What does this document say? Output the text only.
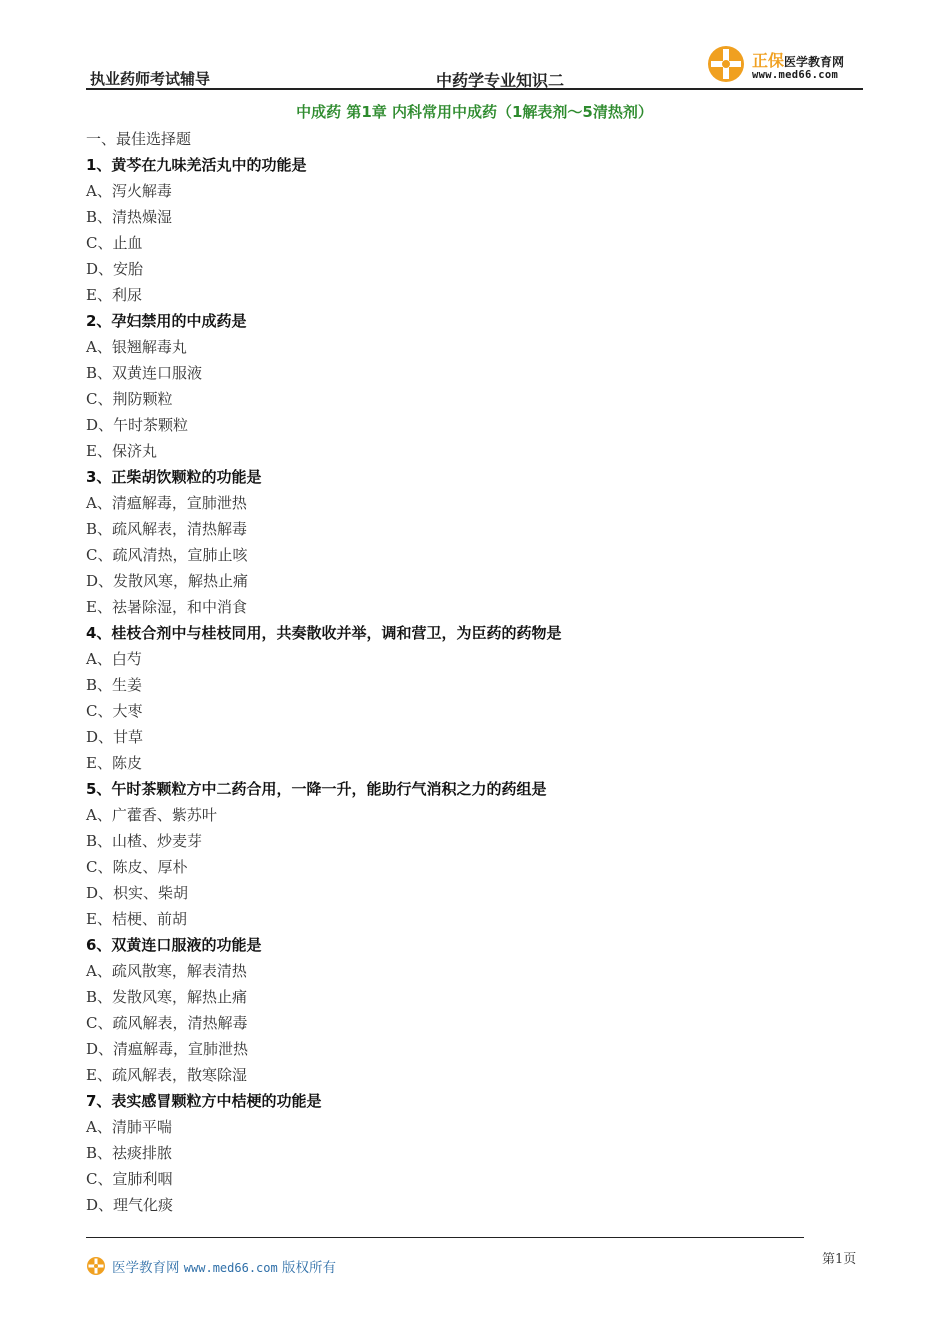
执业药师考试辅导	中药学专业知识二
正保医学教育网
www.med66.com
中成药 第1章 内科常用中成药（1解表剂～5清热剂）
一、最佳选择题
1、黄芩在九味羌活丸中的功能是
A、泻火解毒
B、清热燥湿
C、止血
D、安胎
E、利尿
2、孕妇禁用的中成药是
A、银翘解毒丸
B、双黄连口服液
C、荆防颗粒
D、午时茶颗粒
E、保济丸
3、正柴胡饮颗粒的功能是
A、清瘟解毒，宣肺泄热
B、疏风解表，清热解毒
C、疏风清热，宣肺止咳
D、发散风寒，解热止痛
E、祛暑除湿，和中消食
4、桂枝合剂中与桂枝同用，共奏散收并举，调和营卫，为臣药的药物是
A、白芍
B、生姜
C、大枣
D、甘草
E、陈皮
5、午时茶颗粒方中二药合用，一降一升，能助行气消积之力的药组是
A、广藿香、紫苏叶
B、山楂、炒麦芽
C、陈皮、厚朴
D、枳实、柴胡
E、桔梗、前胡
6、双黄连口服液的功能是
A、疏风散寒，解表清热
B、发散风寒，解热止痛
C、疏风解表，清热解毒
D、清瘟解毒，宣肺泄热
E、疏风解表，散寒除湿
7、表实感冒颗粒方中桔梗的功能是
A、清肺平喘
B、祛痰排脓
C、宣肺利咽
D、理气化痰
医学教育网 www.med66.com 版权所有
第1页
